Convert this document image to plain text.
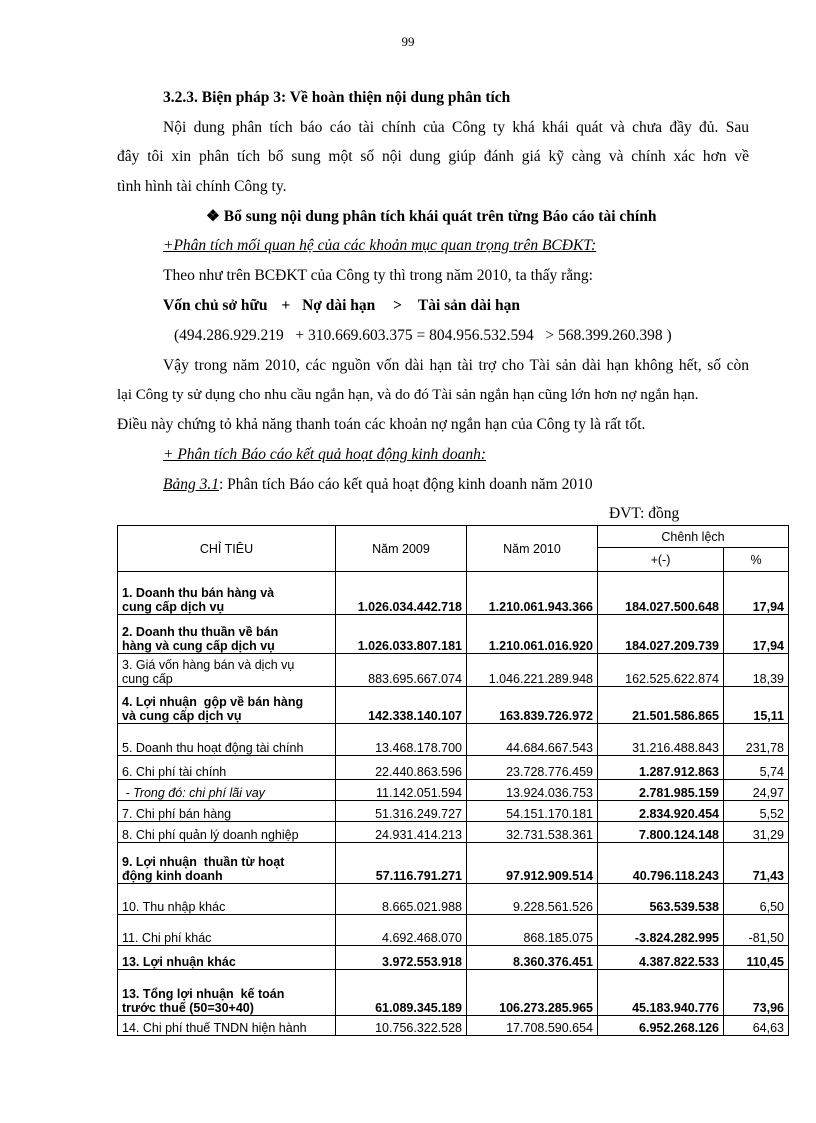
99
3.2.3. Biện pháp 3: Về hoàn thiện nội dung phân tích
Nội dung phân tích báo cáo tài chính của Công ty khá khái quát và chưa đầy đủ. Sau
đây tôi xin phân tích bổ sung một số nội dung giúp đánh giá kỹ càng và chính xác hơn về
tình hình tài chính Công ty.
❖ Bổ sung nội dung phân tích khái quát trên từng Báo cáo tài chính
+Phân tích mối quan hệ của các khoản mục quan trọng trên BCĐKT:
Theo như trên BCĐKT của Công ty thì trong năm 2010, ta thấy rằng:
Vốn chủ sở hữu + Nợ dài hạn > Tài sản dài hạn
(494.286.929.219   + 310.669.603.375 = 804.956.532.594   > 568.399.260.398 )
Vậy trong năm 2010, các nguồn vốn dài hạn tài trợ cho Tài sản dài hạn không hết, số còn
lại Công ty sử dụng cho nhu cầu ngắn hạn, và do đó Tài sản ngắn hạn cũng lớn hơn nợ ngắn hạn.
Điều này chứng tỏ khả năng thanh toán các khoản nợ ngắn hạn của Công ty là rất tốt.
+ Phân tích Báo cáo kết quả hoạt động kinh doanh:
Bảng 3.1: Phân tích Báo cáo kết quả hoạt động kinh doanh năm 2010
ĐVT: đồng
CHỈ TIÊU	Năm 2009	Năm 2010	Chênh lệch	
			+(-)	%

1. Doanh thu bán hàng và
cung cấp dịch vụ	1.026.034.442.718	1.210.061.943.366	184.027.500.648	17,94

2. Doanh thu thuần về bán
hàng và cung cấp dịch vụ	1.026.033.807.181	1.210.061.016.920	184.027.209.739	17,94

3. Giá vốn hàng bán và dịch vụ
cung cấp	883.695.667.074	1.046.221.289.948	162.525.622.874	18,39

4. Lợi nhuận  gộp về bán hàng
và cung cấp dịch vụ	142.338.140.107	163.839.726.972	21.501.586.865	15,11

5. Doanh thu hoạt động tài chính	13.468.178.700	44.684.667.543	31.216.488.843	231,78

6. Chi phí tài chính	22.440.863.596	23.728.776.459	1.287.912.863	5,74

- Trong đó: chi phí lãi vay	11.142.051.594	13.924.036.753	2.781.985.159	24,97

7. Chi phí bán hàng	51.316.249.727	54.151.170.181	2.834.920.454	5,52

8. Chi phí quản lý doanh nghiệp	24.931.414.213	32.731.538.361	7.800.124.148	31,29

9. Lợi nhuận  thuần từ hoạt
động kinh doanh	57.116.791.271	97.912.909.514	40.796.118.243	71,43

10. Thu nhập khác	8.665.021.988	9.228.561.526	563.539.538	6,50

11. Chi phí khác	4.692.468.070	868.185.075	-3.824.282.995	-81,50

13. Lợi nhuận khác	3.972.553.918	8.360.376.451	4.387.822.533	110,45

13. Tổng lợi nhuận  kế toán
trước thuế (50=30+40)	61.089.345.189	106.273.285.965	45.183.940.776	73,96

14. Chi phí thuế TNDN hiện hành	10.756.322.528	17.708.590.654	6.952.268.126	64,63
